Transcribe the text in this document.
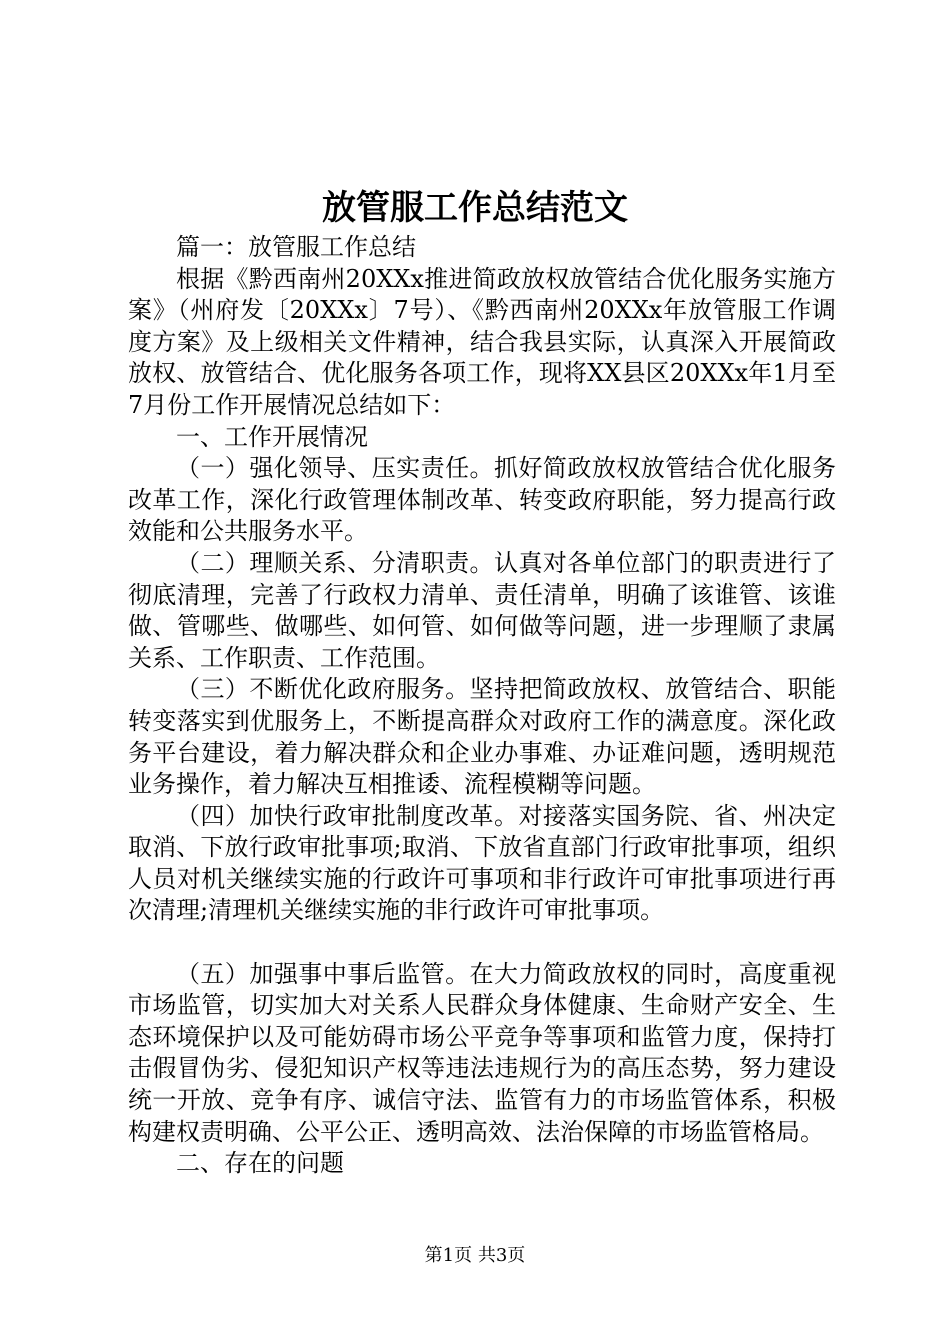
放管服工作总结范文

篇一：放管服工作总结

根据《黔西南州20XXx推进简政放权放管结合优化服务实施方案》（州府发〔20XXx〕7号）、《黔西南州20XXx年放管服工作调度方案》及上级相关文件精神，结合我县实际，认真深入开展简政放权、放管结合、优化服务各项工作，现将XX县区20XXx年1月至7月份工作开展情况总结如下：

一、工作开展情况

（一）强化领导、压实责任。抓好简政放权放管结合优化服务改革工作，深化行政管理体制改革、转变政府职能，努力提高行政效能和公共服务水平。

（二）理顺关系、分清职责。认真对各单位部门的职责进行了彻底清理，完善了行政权力清单、责任清单，明确了该谁管、该谁做、管哪些、做哪些、如何管、如何做等问题，进一步理顺了隶属关系、工作职责、工作范围。

（三）不断优化政府服务。坚持把简政放权、放管结合、职能转变落实到优服务上，不断提高群众对政府工作的满意度。深化政务平台建设，着力解决群众和企业办事难、办证难问题，透明规范业务操作，着力解决互相推诿、流程模糊等问题。

（四）加快行政审批制度改革。对接落实国务院、省、州决定取消、下放行政审批事项;取消、下放省直部门行政审批事项，组织人员对机关继续实施的行政许可事项和非行政许可审批事项进行再次清理;清理机关继续实施的非行政许可审批事项。

（五）加强事中事后监管。在大力简政放权的同时，高度重视市场监管，切实加大对关系人民群众身体健康、生命财产安全、生态环境保护以及可能妨碍市场公平竞争等事项和监管力度，保持打击假冒伪劣、侵犯知识产权等违法违规行为的高压态势，努力建设统一开放、竞争有序、诚信守法、监管有力的市场监管体系，积极构建权责明确、公平公正、透明高效、法治保障的市场监管格局。

二、存在的问题

第1页 共3页
